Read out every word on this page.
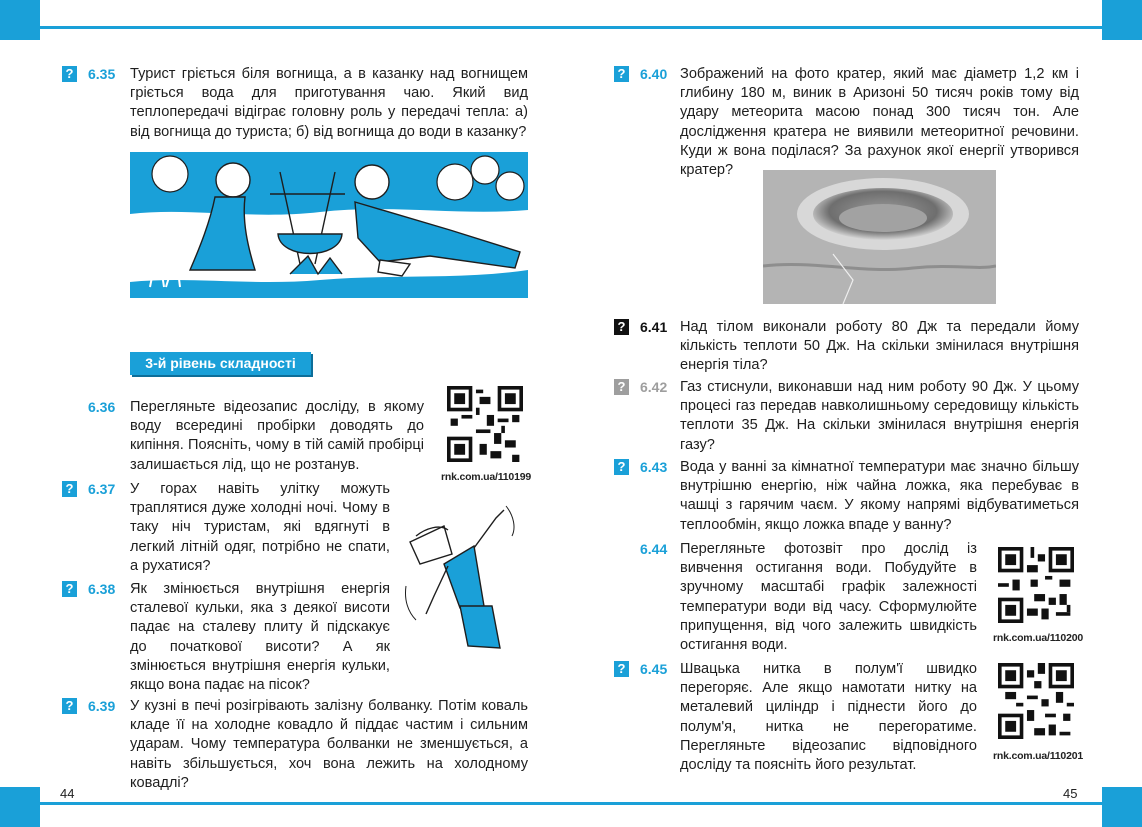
44	45
? 6.35 Турист гріється біля вогнища, а в казанку над вогнищем гріється вода для приготування чаю. Який вид теплопередачі відіграє головну роль у передачі тепла: а) від вогнища до туриста; б) від вогнища до води в казанку?
3-й рівень складності
6.36 Перегляньте відеозапис досліду, в якому воду всередині пробірки доводять до кипіння. Поясніть, чому в тій самій пробірці залишається лід, що не розтанув.
rnk.com.ua/110199
? 6.37 У горах навіть улітку можуть траплятися дуже холодні ночі. Чому в таку ніч туристам, які вдягнуті в легкий літній одяг, потрібно не спати, а рухатися?
? 6.38 Як змінюється внутрішня енергія сталевої кульки, яка з деякої висоти падає на сталеву плиту й підскакує до початкової висоти? А як змінюється внутрішня енергія кульки, якщо вона падає на пісок?
? 6.39 У кузні в печі розігрівають залізну болванку. Потім коваль кладе її на холодне ковадло й піддає частим і сильним ударам. Чому температура болванки не зменшується, а навіть збільшується, хоч вона лежить на холодному ковадлі?
? 6.40 Зображений на фото кратер, який має діаметр 1,2 км і глибину 180 м, виник в Аризоні 50 тисяч років тому від удару метеорита масою понад 300 тисяч тон. Але дослідження кратера не виявили метеоритної речовини. Куди ж вона поділася? За рахунок якої енергії утворився кратер?
? 6.41 Над тілом виконали роботу 80 Дж та передали йому кількість теплоти 50 Дж. На скільки змінилася внутрішня енергія тіла?
? 6.42 Газ стиснули, виконавши над ним роботу 90 Дж. У цьому процесі газ передав навколишньому середовищу кількість теплоти 35 Дж. На скільки змінилася внутрішня енергія газу?
? 6.43 Вода у ванні за кімнатної температури має значно більшу внутрішню енергію, ніж чайна ложка, яка перебуває в чашці з гарячим чаєм. У якому напрямі відбуватиметься теплообмін, якщо ложка впаде у ванну?
6.44 Перегляньте фотозвіт про дослід із вивчення остигання води. Побудуйте в зручному масштабі графік залежності температури води від часу. Сформулюйте припущення, від чого залежить швидкість остигання води.	rnk.com.ua/110200
? 6.45 Швацька нитка в полум'ї швидко перегоряє. Але якщо намотати нитку на металевий циліндр і піднести його до полум'я, нитка не перегоратиме. Перегляньте відеозапис відповідного досліду та поясніть його результат.
rnk.com.ua/110201
